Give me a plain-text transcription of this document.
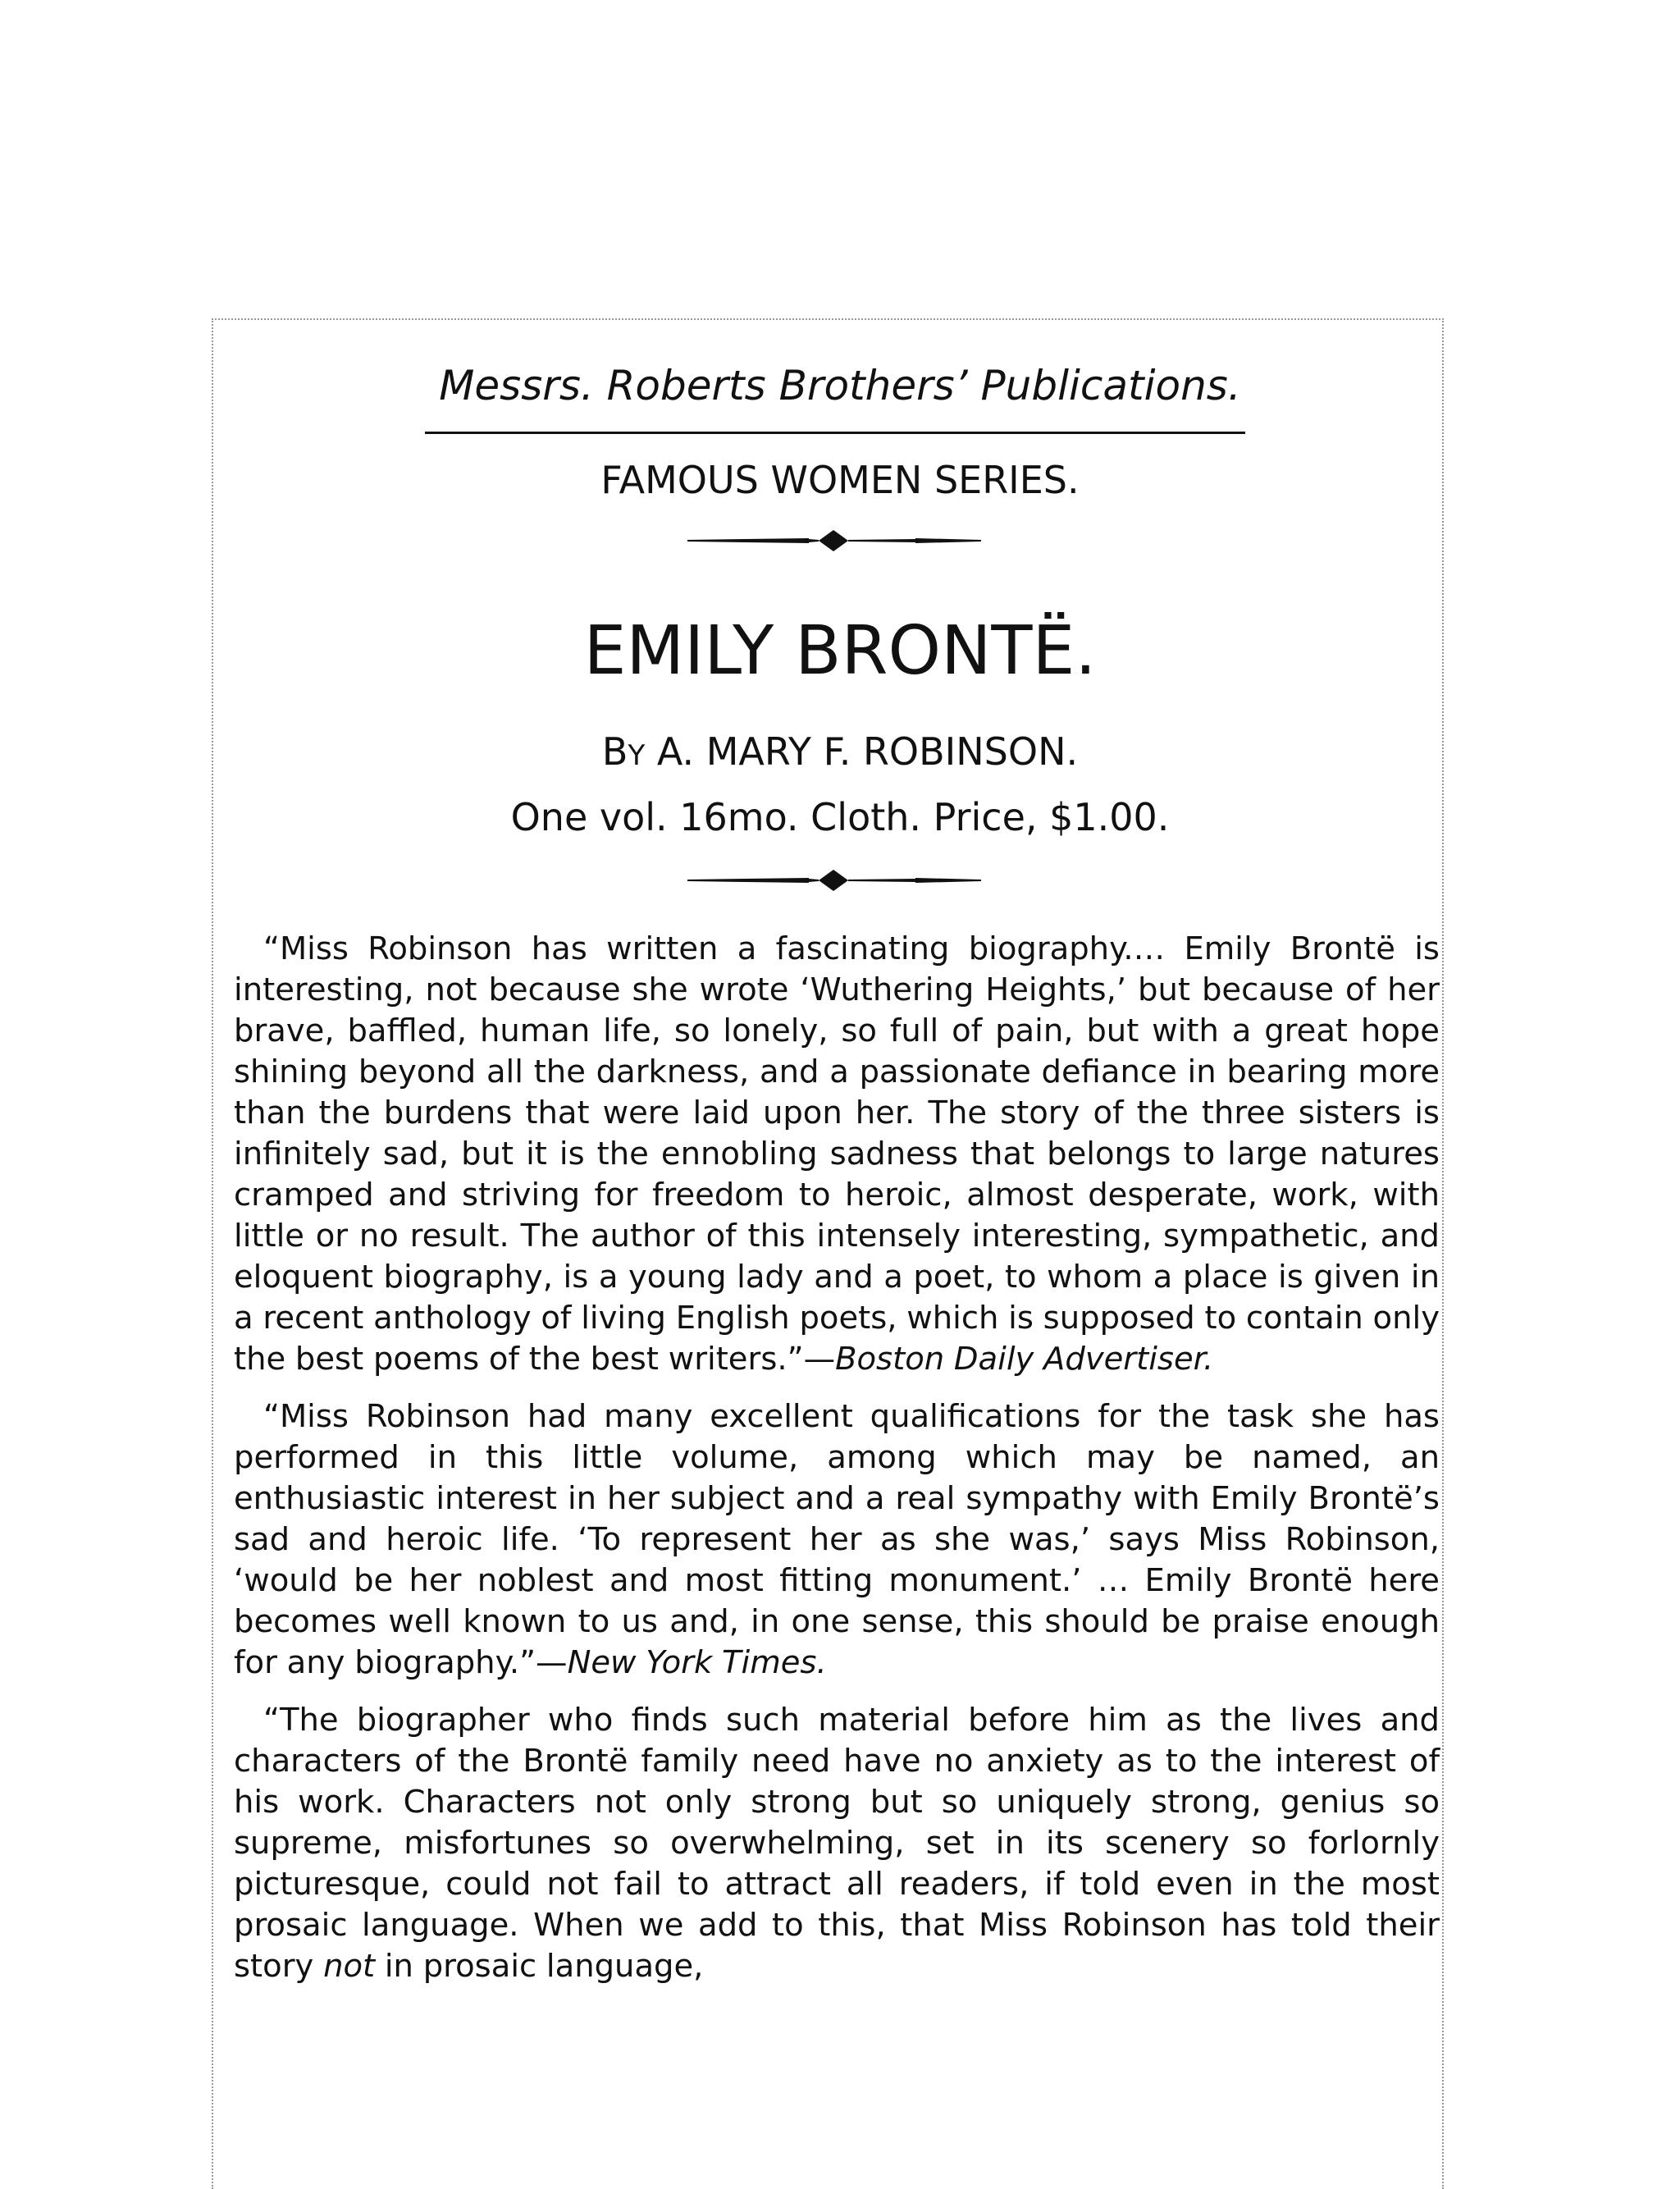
Messrs. Roberts Brothers’ Publications.
FAMOUS WOMEN SERIES.
EMILY BRONTË.
BY A. MARY F. ROBINSON.
One vol. 16mo. Cloth. Price, $1.00.

“Miss Robinson has written a fascinating biography.… Emily Brontë is interesting, not because she wrote ‘Wuthering Heights,’ but because of her brave, baffled, human life, so lonely, so full of pain, but with a great hope shining beyond all the darkness, and a passionate defiance in bearing more than the burdens that were laid upon her. The story of the three sisters is infinitely sad, but it is the ennobling sadness that belongs to large natures cramped and striving for freedom to heroic, almost desperate, work, with little or no result. The author of this intensely interesting, sympathetic, and eloquent biography, is a young lady and a poet, to whom a place is given in a recent anthology of living English poets, which is supposed to contain only the best poems of the best writers.”—Boston Daily Advertiser.

“Miss Robinson had many excellent qualifications for the task she has performed in this little volume, among which may be named, an enthusiastic interest in her subject and a real sympathy with Emily Brontë’s sad and heroic life. ‘To represent her as she was,’ says Miss Robinson, ‘would be her noblest and most fitting monument.’ … Emily Brontë here becomes well known to us and, in one sense, this should be praise enough for any biography.”—New York Times.

“The biographer who finds such material before him as the lives and characters of the Brontë family need have no anxiety as to the interest of his work. Characters not only strong but so uniquely strong, genius so supreme, misfortunes so overwhelming, set in its scenery so forlornly picturesque, could not fail to attract all readers, if told even in the most prosaic language. When we add to this, that Miss Robinson has told their story not in prosaic language,
